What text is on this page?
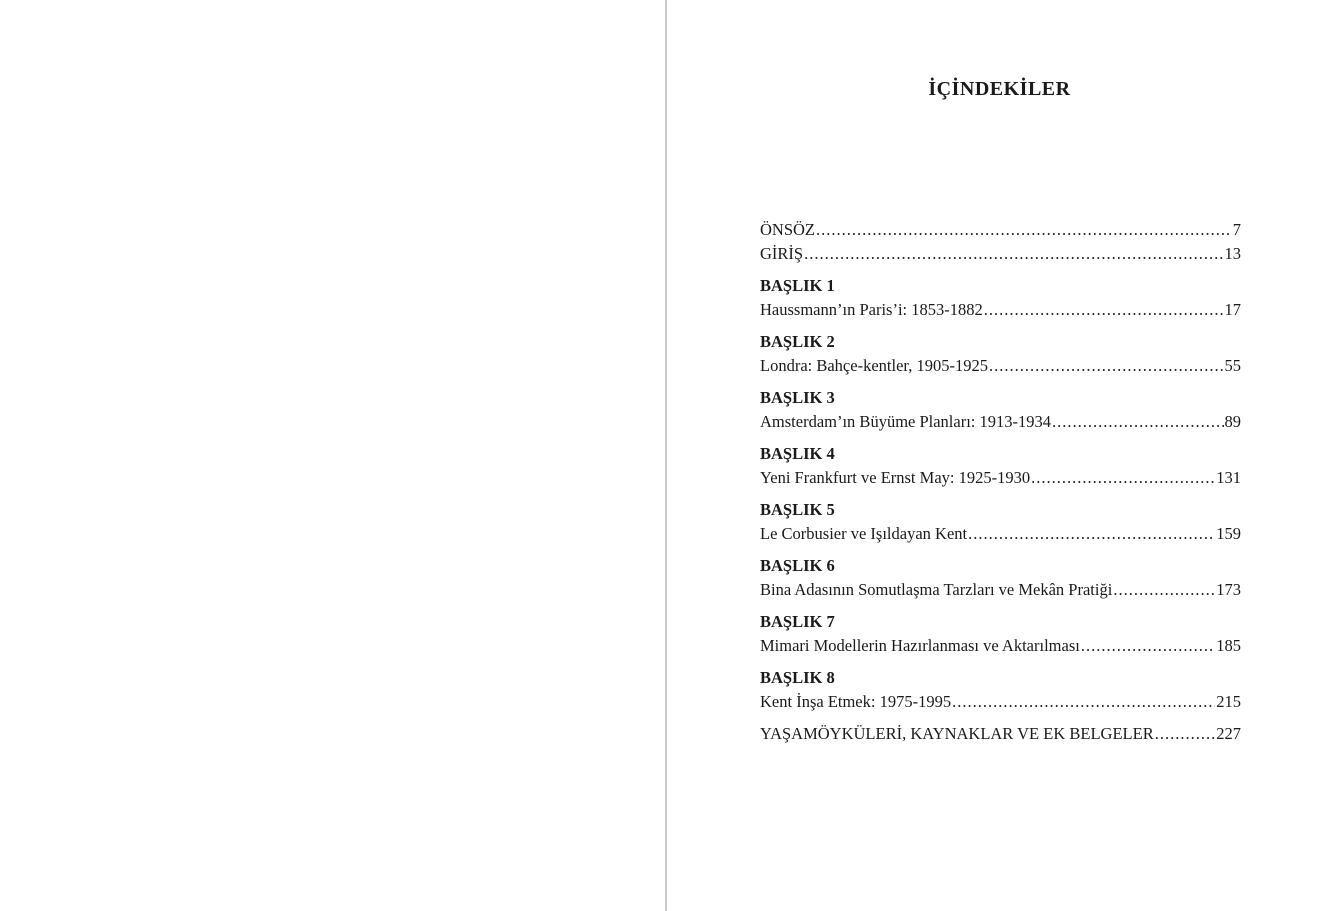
İÇİNDEKİLER
ÖNSÖZ .....	7
GİRİŞ .....	13
BAŞLIK 1
Haussmann’ın Paris’i: 1853-1882 .....	17
BAŞLIK 2
Londra: Bahçe-kentler, 1905-1925 .....	55
BAŞLIK 3
Amsterdam’ın Büyüme Planları: 1913-1934 .....	89
BAŞLIK 4
Yeni Frankfurt ve Ernst May: 1925-1930 .....	131
BAŞLIK 5
Le Corbusier ve Işıldayan Kent .....	159
BAŞLIK 6
Bina Adasının Somutlaşma Tarzları ve Mekân Pratiği .....	173
BAŞLIK 7
Mimari Modellerin Hazırlanması ve Aktarılması .....	185
BAŞLIK 8
Kent İnşa Etmek: 1975-1995 .....	215
YAŞAMÖYKÜLERİ, KAYNAKLAR VE EK BELGELER .....	227
